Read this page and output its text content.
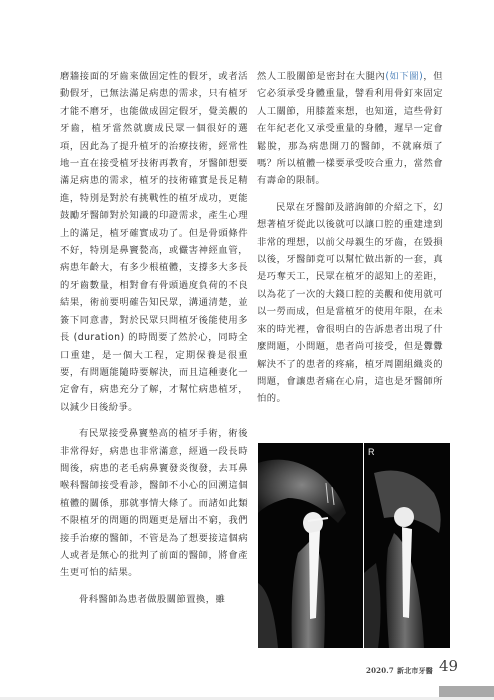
磨牆接面的牙齒來做固定性的假牙，或者活動假牙，已無法滿足病患的需求，只有植牙才能不磨牙，也能做成固定假牙，覺美觀的牙齒，植牙當然就廣成民眾一個很好的選項，因此為了提升植牙的治療技術，經常性地一直在接受植牙技術再教育，牙醫師想要滿足病患的需求，植牙的技術確實是長足精進，特別是對於有挑戰性的植牙成功，更能鼓勵牙醫師對於知識的印證需求，產生心理上的滿足，植牙確實成功了。但是骨頭條件不好，特別是鼻竇甃高，或儼害神經血管，病患年齡大，有多少根植體，支撐多大多長的牙齒數量，相對會有骨頭過度負荷的不良結果，術前要明確告知民眾，溝通清楚，並簽下同意書，對於民眾只問植牙後能使用多長 (duration) 的時間要了然於心，同時全口重建，是一個大工程，定期保養是很重要，有問題能隨時要解決，而且這種妻化一定會有，病患充分了解，才幫忙病患植牙，以減少日後紛爭。

有民眾接受鼻竇墊高的植牙手術，術後非常得好，病患也非常滿意，經過一段長時間後，病患的老毛病鼻竇發炎復發，去耳鼻喉科醫師接受看診，醫師不小心的回溯這個植體的關係，那就事情大條了。而諸如此類不限植牙的問題的問題更是層出不窮，我們接手治療的醫師，不管是為了想要接這個病人或者是無心的批判了前面的醫師，將會產生更可怕的結果。

骨科醫師為患者做股關節置換，雖

然人工股關節是密封在大腿內(如下圖)，但它必須承受身體重量，譬看利用骨釘來固定人工關節，用膝蓋來想，也知道，這些骨釘在年紀老化又承受重量的身體，遲早一定會鬆脫，那為病患開刀的醫師，不就麻煩了嗎？所以植體一樣要承受咬合重力，當然會有壽命的限制。

民眾在牙醫師及諮詢師的介紹之下，幻想著植牙從此以後就可以讓口腔的重建達到非常的理想，以前父母親生的牙齒，在毀損以後，牙醫師竟可以幫忙做出新的一套，真是巧奪天工，民眾在植牙的認知上的差距，以為花了一次的大錢口腔的美觀和使用就可以一勞而成，但是當植牙的使用年限，在未來的時光裡，會很明白的告訴患者出現了什麼問題，小問題，患者尚可接受，但是釁釁解決不了的患者的疼痛，植牙周圍組織炎的問題，會讓患者痛在心肩，這也是牙醫師所怕的。

R
2020.7 新北市牙醫 49
